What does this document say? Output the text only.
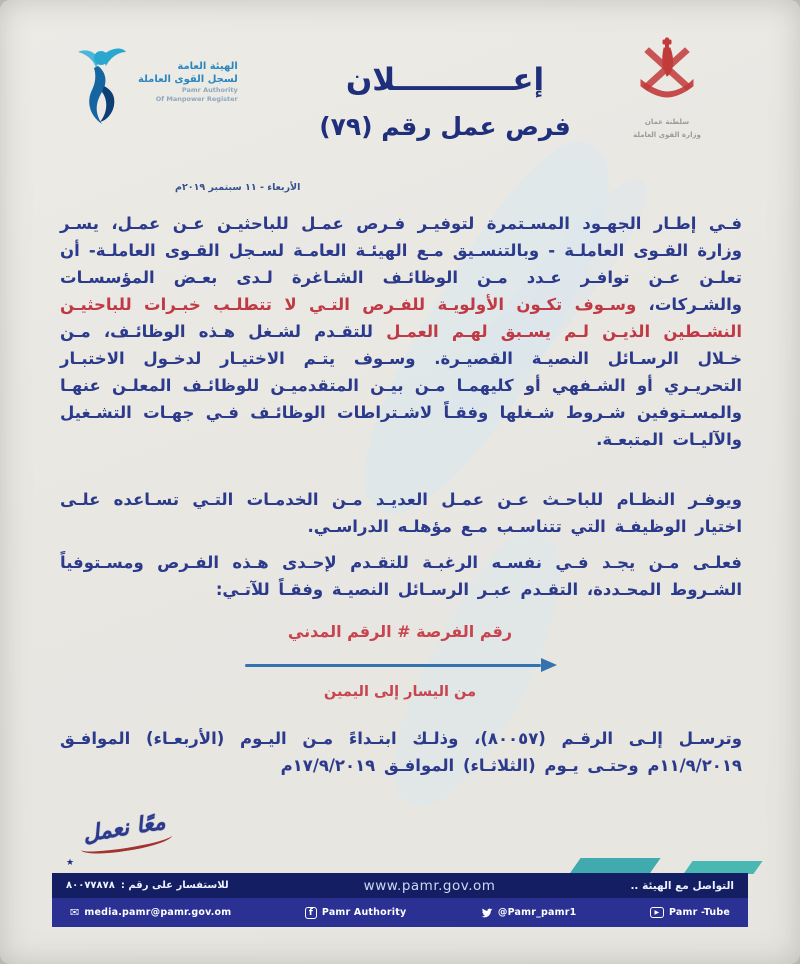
الهيئة العامة
لسجل القوى العاملة
Pamr Authority
Of Manpower Register
إعـــــــــــلان
فرص عمل رقم (٧٩)
الأربعاء - ١١ سبتمبر ٢٠١٩م
سلطنة عمان
وزارة القوى العاملة

فـي إطـار الجهـود المسـتمرة لتوفيـر فـرص عمـل للباحثيـن عـن عمـل، يسـر وزارة القـوى العاملـة - وبالتنسـيق مـع الهيئـة العامـة لسـجل القـوى العاملـة- أن تعلـن عـن توافـر عـدد مـن الوظائـف الشـاغرة لـدى بعـض المؤسسـات والشـركات، وسـوف تكـون الأولويـة للفـرص التـي لا تتطلـب خبـرات للباحثيـن النشـطين الذيـن لـم يسـبق لهـم العمـل للتقـدم لشـغل هـذه الوظائـف، مـن خـلال الرسـائل النصيـة القصيـرة. وسـوف يتـم الاختيـار لدخـول الاختبـار التحريـري أو الشـفهي أو كليهمـا مـن بيـن المتقدميـن للوظائـف المعلـن عنهـا والمسـتوفين شـروط شـغلها وفقـاً لاشـتراطات الوظائـف فـي جهـات التشـغيل والآليـات المتبعـة.

ويوفـر النظـام للباحـث عـن عمـل العديـد مـن الخدمـات التـي تسـاعده علـى اختيار الوظيفـة التي تتناسـب مـع مؤهلـه الدراسـي.

فعلـى مـن يجـد فـي نفسـه الرغبـة للتقـدم لإحـدى هـذه الفـرص ومسـتوفياً الشـروط المحـددة، التقـدم عبـر الرسـائل النصيـة وفقـاً للآتـي:

رقم الفرصة # الرقم المدني
من اليسار إلى اليمين

وترسـل إلـى الرقـم (٨٠٠٥٧)، وذلـك ابتـداءً مـن اليـوم (الأربعـاء) الموافـق ١١/٩/٢٠١٩م وحتـى يـوم (الثلاثـاء) الموافـق ١٧/٩/٢٠١٩م

معًا نعمل
★
التواصل مع الهيئة ..
www.pamr.gov.om
للاستفسار على رقم :
٨٠٠٧٧٨٧٨
✉ media.pamr@pamr.gov.om	f Pamr Authority	@Pamr_pamr1	▶	Pamr -Tube
